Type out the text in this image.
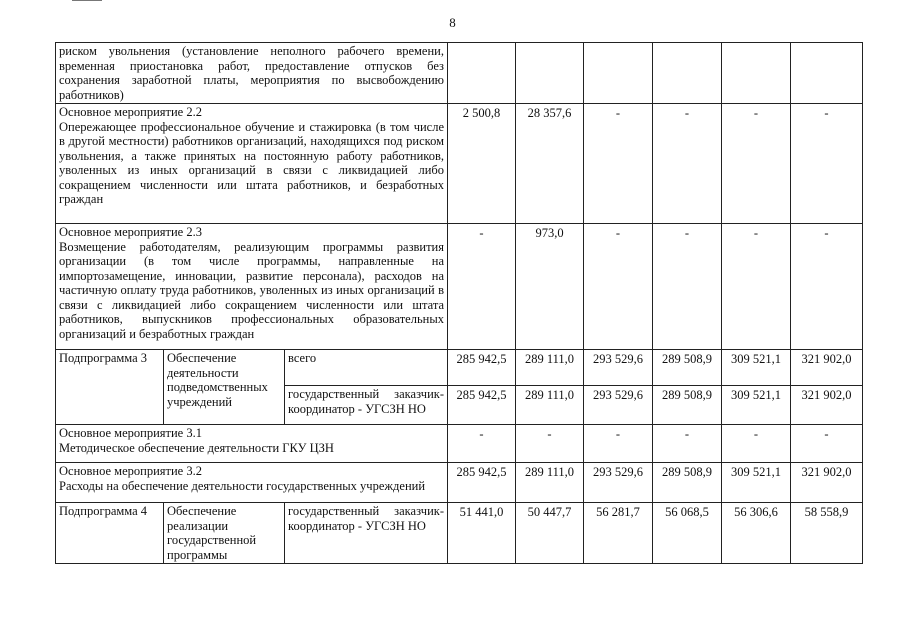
8
риском увольнения (установление неполного рабочего времени, временная приостановка работ, предоставление отпусков без сохранения заработной платы, мероприятия по высвобождению работников)								

Основное мероприятие 2.2
Опережающее профессиональное обучение и стажировка (в том числе в другой местности) работников организаций, находящихся под риском увольнения, а также принятых на постоянную работу работников, уволенных из иных организаций в связи с ликвидацией либо сокращением численности или штата работников, и безработных граждан			2 500,8	28 357,6	-	-	-	-

Основное мероприятие 2.3
Возмещение работодателям, реализующим программы развития организации (в том числе программы, направленные на импортозамещение, инновации, развитие персонала), расходов на частичную оплату труда работников, уволенных из иных организаций в связи с ликвидацией либо сокращением численности или штата работников, выпускников профессиональных образовательных организаций и безработных граждан			-	973,0	-	-	-	-
Подпрограмма 3	Обеспечение деятельности подведомственных учреждений	всего	285 942,5	289 111,0	293 529,6	289 508,9	309 521,1	321 902,0
		государственный заказчик-координатор - УГСЗН НО	285 942,5	289 111,0	293 529,6	289 508,9	309 521,1	321 902,0

Основное мероприятие 3.1
Методическое обеспечение деятельности ГКУ ЦЗН			-	-	-	-	-	-

Основное мероприятие 3.2
Расходы на обеспечение деятельности государственных учреждений			285 942,5	289 111,0	293 529,6	289 508,9	309 521,1	321 902,0
Подпрограмма 4	Обеспечение реализации государственной программы	государственный заказчик-координатор - УГСЗН НО	51 441,0	50 447,7	56 281,7	56 068,5	56 306,6	58 558,9
